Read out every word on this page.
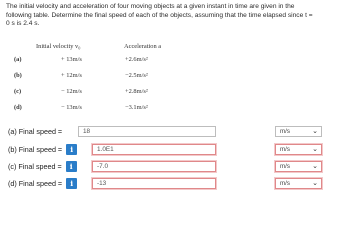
The initial velocity and acceleration of four moving objects at a given instant in time are given in the
following table. Determine the final speed of each of the objects, assuming that the time elapsed since t =
0 s is 2.4 s.
Initial velocity v₀	Acceleration a
(a)	+ 13m/s	+2.6m/s²
(b)	+ 12m/s	−2.5m/s²
(c)	− 12m/s	+2.8m/s²
(d)	− 13m/s	−3.1m/s²
(a) Final speed =	18	m/s	⌄
(b) Final speed =	i	1.0E1	m/s	⌄
(c) Final speed =	i	-7.0	m/s	⌄
(d) Final speed =	i	-13	m/s	⌄
